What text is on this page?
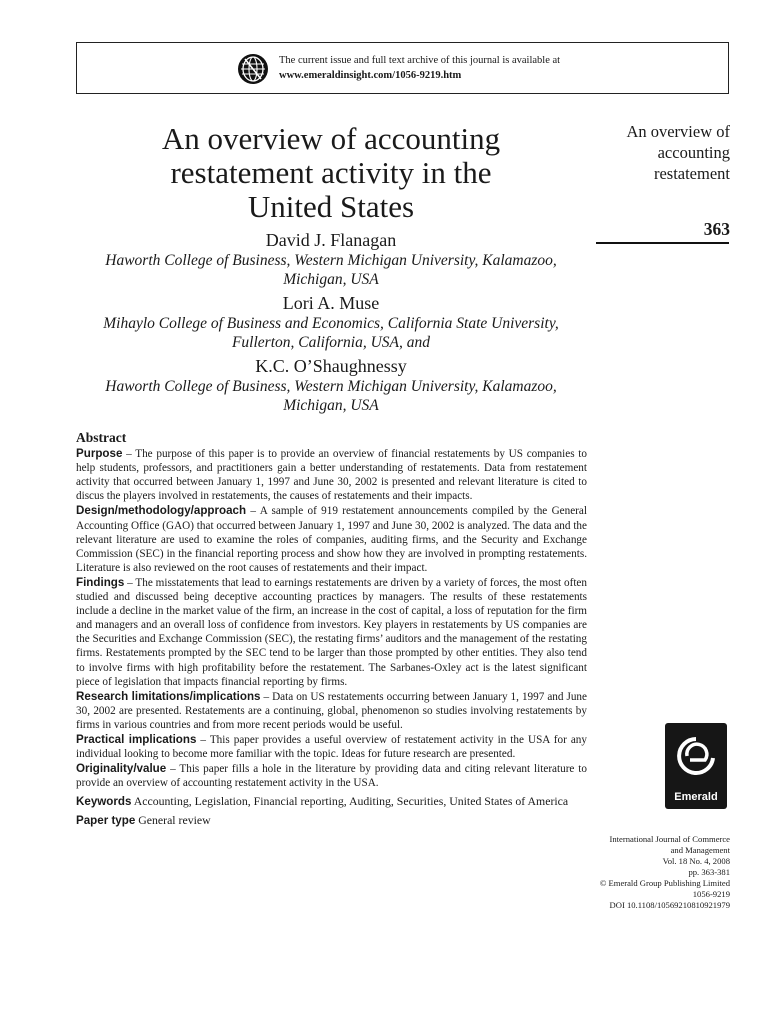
The current issue and full text archive of this journal is available at
www.emeraldinsight.com/1056-9219.htm
An overview of accounting
restatement activity in the
United States
David J. Flanagan
Haworth College of Business, Western Michigan University, Kalamazoo,
Michigan, USA
Lori A. Muse
Mihaylo College of Business and Economics, California State University,
Fullerton, California, USA, and
K.C. O’Shaughnessy
Haworth College of Business, Western Michigan University, Kalamazoo,
Michigan, USA
An overview of
accounting
restatement
363
Abstract

Purpose – The purpose of this paper is to provide an overview of financial restatements by US companies to help students, professors, and practitioners gain a better understanding of restatements. Data from restatement activity that occurred between January 1, 1997 and June 30, 2002 is presented and relevant literature is cited to discus the players involved in restatements, the causes of restatements and their impacts.

Design/methodology/approach – A sample of 919 restatement announcements compiled by the General Accounting Office (GAO) that occurred between January 1, 1997 and June 30, 2002 is analyzed. The data and the relevant literature are used to examine the roles of companies, auditing firms, and the Security and Exchange Commission (SEC) in the financial reporting process and show how they are involved in prompting restatements. Literature is also reviewed on the root causes of restatements and their impact.

Findings – The misstatements that lead to earnings restatements are driven by a variety of forces, the most often studied and discussed being deceptive accounting practices by managers. The results of these restatements include a decline in the market value of the firm, an increase in the cost of capital, a loss of reputation for the firm and managers and an overall loss of confidence from investors. Key players in restatements by US companies are the Securities and Exchange Commission (SEC), the restating firms’ auditors and the management of the restating firms. Restatements prompted by the SEC tend to be larger than those prompted by other entities. They also tend to involve firms with high profitability before the restatement. The Sarbanes-Oxley act is the latest significant piece of legislation that impacts financial reporting by firms.

Research limitations/implications – Data on US restatements occurring between January 1, 1997 and June 30, 2002 are presented. Restatements are a continuing, global, phenomenon so studies involving restatements by firms in various countries and from more recent periods would be useful.

Practical implications – This paper provides a useful overview of restatement activity in the USA for any individual looking to become more familiar with the topic. Ideas for future research are presented.

Originality/value – This paper fills a hole in the literature by providing data and citing relevant literature to provide an overview of accounting restatement activity in the USA.

Keywords Accounting, Legislation, Financial reporting, Auditing, Securities, United States of America

Paper type General review

Emerald
International Journal of Commerce
and Management
Vol. 18 No. 4, 2008
pp. 363-381
© Emerald Group Publishing Limited
1056-9219
DOI 10.1108/10569210810921979
